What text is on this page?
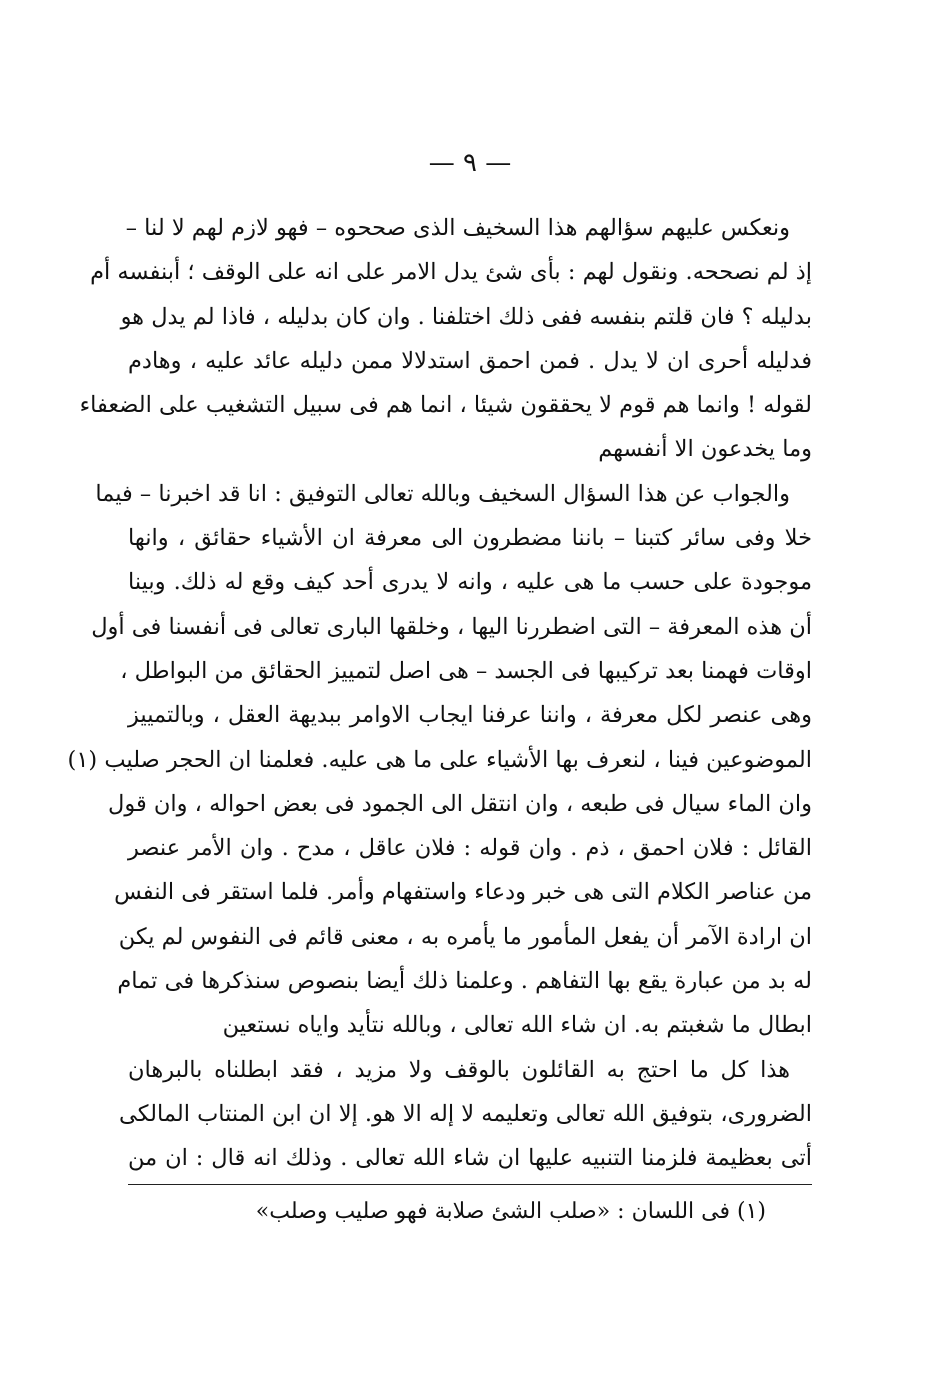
— ٩ —
ونعكس عليهم سؤالهم هذا السخيف الذى صححوه – فهو لازم لهم لا لنا –
إذ لم نصححه. ونقول لهم : بأى شئ يدل الامر على انه على الوقف ؛ أبنفسه أم
بدليله ؟ فان قلتم بنفسه ففى ذلك اختلفنا . وان كان بدليله ، فاذا لم يدل هو
فدليله أحرى ان لا يدل . فمن احمق استدلالا ممن دليله عائد عليه ، وهادم
لقوله ! وانما هم قوم لا يحققون شيئا ، انما هم فى سبيل التشغيب على الضعفاء
وما يخدعون الا أنفسهم
والجواب عن هذا السؤال السخيف وبالله تعالى التوفيق : انا قد اخبرنا – فيما
خلا وفى سائر كتبنا – باننا مضطرون الى معرفة ان الأشياء حقائق ، وانها
موجودة على حسب ما هى عليه ، وانه لا يدرى أحد كيف وقع له ذلك. وبينا
أن هذه المعرفة – التى اضطررنا اليها ، وخلقها البارى تعالى فى أنفسنا فى أول
اوقات فهمنا بعد تركيبها فى الجسد – هى اصل لتمييز الحقائق من البواطل ،
وهى عنصر لكل معرفة ، واننا عرفنا ايجاب الاوامر ببديهة العقل ، وبالتمييز
الموضوعين فينا ، لنعرف بها الأشياء على ما هى عليه. فعلمنا ان الحجر صليب (١)
وان الماء سيال فى طبعه ، وان انتقل الى الجمود فى بعض احواله ، وان قول
القائل : فلان احمق ، ذم . وان قوله : فلان عاقل ، مدح . وان الأمر عنصر
من عناصر الكلام التى هى خبر ودعاء واستفهام وأمر. فلما استقر فى النفس
ان ارادة الآمر أن يفعل المأمور ما يأمره به ، معنى قائم فى النفوس لم يكن
له بد من عبارة يقع بها التفاهم . وعلمنا ذلك أيضا بنصوص سنذكرها فى تمام
ابطال ما شغبتم به. ان شاء الله تعالى ، وبالله نتأيد واياه نستعين
هذا كل ما احتج به القائلون بالوقف ولا مزيد ، فقد ابطلناه بالبرهان
الضرورى، بتوفيق الله تعالى وتعليمه لا إله الا هو. إلا ان ابن المنتاب المالكى
أتى بعظيمة فلزمنا التنبيه عليها ان شاء الله تعالى . وذلك انه قال : ان من
(١) فى اللسان : «صلب الشئ صلابة فهو صليب وصلب»
